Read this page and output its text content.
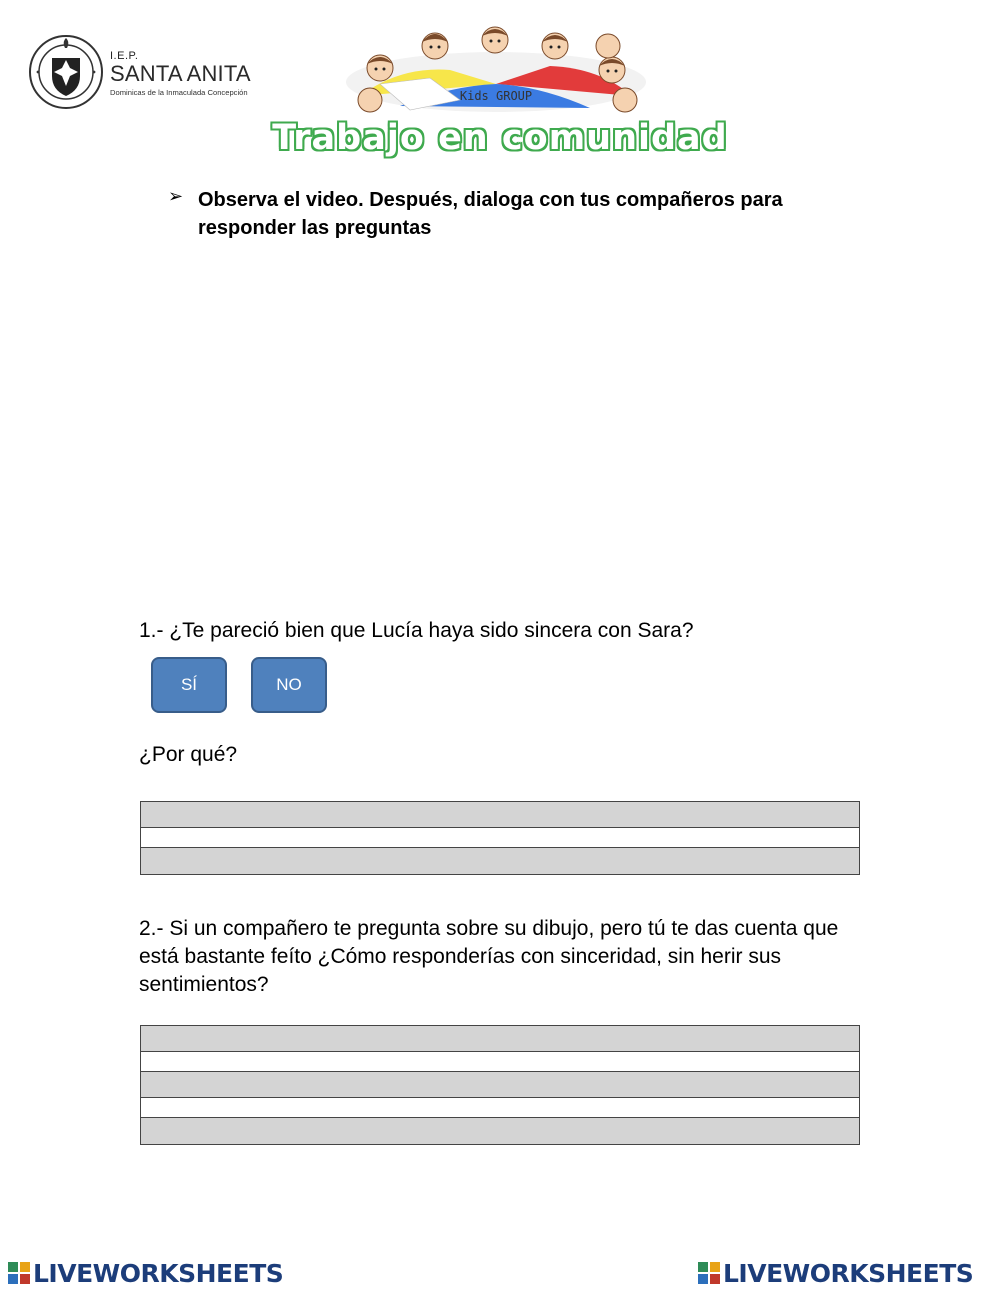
I.E.P.
SANTA ANITA
Dominicas de la Inmaculada Concepción	Kids GROUP
Trabajo en comunidad
➢ Observa el video. Después, dialoga con tus compañeros para responder las preguntas
1.- ¿Te pareció bien que Lucía haya sido sincera con Sara?
SÍ	NO
¿Por qué?
2.- Si un compañero te pregunta sobre su dibujo, pero tú te das cuenta que está bastante feíto ¿Cómo responderías con sinceridad, sin herir sus sentimientos?
LIVEWORKSHEETS	LIVEWORKSHEETS
